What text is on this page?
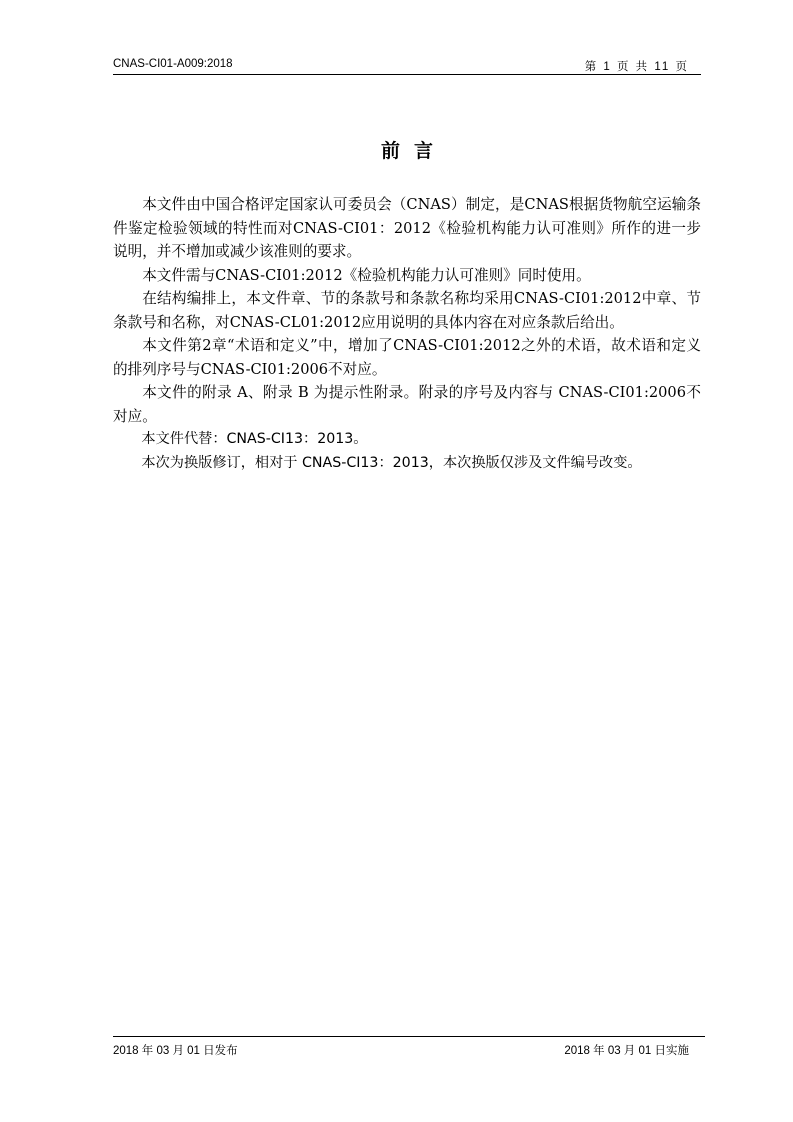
CNAS-CI01-A009:2018	第 1 页 共 11 页
前言

本文件由中国合格评定国家认可委员会（CNAS）制定，是CNAS根据货物航空运输条件鉴定检验领域的特性而对CNAS-CI01：2012《检验机构能力认可准则》所作的进一步说明，并不增加或减少该准则的要求。

本文件需与CNAS-CI01:2012《检验机构能力认可准则》同时使用。

在结构编排上，本文件章、节的条款号和条款名称均采用CNAS-CI01:2012中章、节条款号和名称，对CNAS-CL01:2012应用说明的具体内容在对应条款后给出。

本文件第2章“术语和定义”中，增加了CNAS-CI01:2012之外的术语，故术语和定义的排列序号与CNAS-CI01:2006不对应。

本文件的附录 A、附录 B 为提示性附录。附录的序号及内容与 CNAS-CI01:2006不对应。

本文件代替：CNAS-CI13：2013。

本次为换版修订，相对于 CNAS-CI13：2013，本次换版仅涉及文件编号改变。

2018 年 03 月 01 日发布	2018 年 03 月 01 日实施
